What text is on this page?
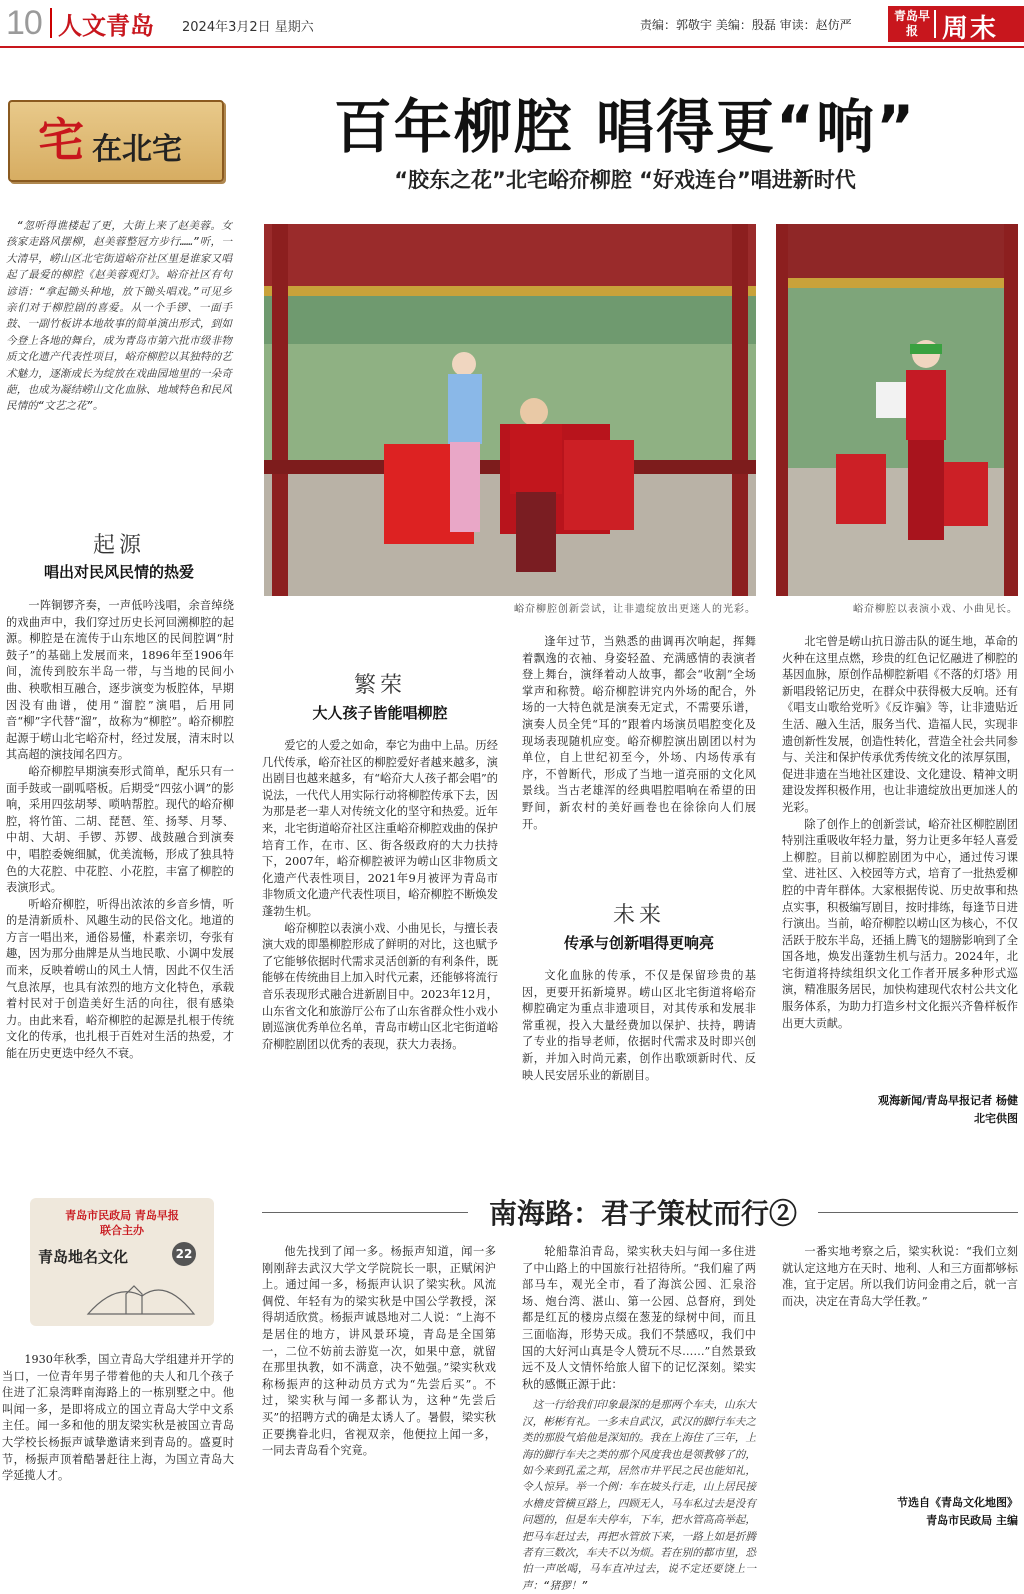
10 人文青岛 2024年3月2日 星期六	责编：郭敬宇 美编：殷磊 审读：赵仿严
青岛早报 周末
宅 在北宅	百年柳腔 唱得更“响”
“胶东之花”北宅峪夼柳腔 “好戏连台”唱进新时代

“忽听得谯楼起了更，大街上来了赵美蓉。女孩家走路风摆柳，赵美蓉整冠方步行……”听，一大清早，崂山区北宅街道峪夼社区里是谁家又唱起了最爱的柳腔《赵美蓉观灯》。峪夼社区有句谚语：“拿起锄头种地，放下锄头唱戏。”可见乡亲们对于柳腔剧的喜爱。从一个手锣、一面手鼓、一副竹板讲本地故事的简单演出形式，到如今登上各地的舞台，成为青岛市第六批市级非物质文化遗产代表性项目，峪夼柳腔以其独特的艺术魅力，逐渐成长为绽放在戏曲园地里的一朵奇葩，也成为凝结崂山文化血脉、地域特色和民风民情的“文艺之花”。

峪夼柳腔创新尝试，让非遗绽放出更迷人的光彩。	峪夼柳腔以表演小戏、小曲见长。
起源
唱出对民风民情的热爱

一阵铜锣齐奏，一声低吟浅唱，余音绰绕的戏曲声中，我们穿过历史长河回溯柳腔的起源。柳腔是在流传于山东地区的民间腔调“肘鼓子”的基础上发展而来，1896年至1906年间，流传到胶东半岛一带，与当地的民间小曲、秧歌相互融合，逐步演变为板腔体，早期因没有曲谱，使用“溜腔”演唱，后用同音“柳”字代替“溜”，故称为“柳腔”。峪夼柳腔起源于崂山北宅峪夼村，经过发展，清末时以其高超的演技闻名四方。

峪夼柳腔早期演奏形式简单，配乐只有一面手鼓或一副呱嗒板。后期受“四弦小调”的影响，采用四弦胡琴、唢呐帮腔。现代的峪夼柳腔，将竹笛、二胡、琵琶、笙、扬琴、月琴、中胡、大胡、手锣、苏锣、战鼓融合到演奏中，唱腔委婉细腻，优美流畅，形成了独具特色的大花腔、中花腔、小花腔，丰富了柳腔的表演形式。

听峪夼柳腔，听得出浓浓的乡音乡情，听的是清新质朴、风趣生动的民俗文化。地道的方言一唱出来，通俗易懂，朴素亲切，夸张有趣，因为那分曲牌是从当地民歌、小调中发展而来，反映着崂山的风土人情，因此不仅生活气息浓厚，也具有浓烈的地方文化特色，承载着村民对于创造美好生活的向往，很有感染力。由此来看，峪夼柳腔的起源是扎根于传统文化的传承，也扎根于百姓对生活的热爱，才能在历史更迭中经久不衰。

繁荣
大人孩子皆能唱柳腔

爱它的人爱之如命，奉它为曲中上品。历经几代传承，峪夼社区的柳腔爱好者越来越多，演出剧目也越来越多，有“峪夼大人孩子都会唱”的说法，一代代人用实际行动将柳腔传承下去，因为那是老一辈人对传统文化的坚守和热爱。近年来，北宅街道峪夼社区注重峪夼柳腔戏曲的保护培育工作，在市、区、街各级政府的大力扶持下，2007年，峪夼柳腔被评为崂山区非物质文化遗产代表性项目，2021年9月被评为青岛市非物质文化遗产代表性项目，峪夼柳腔不断焕发蓬勃生机。

峪夼柳腔以表演小戏、小曲见长，与擅长表演大戏的即墨柳腔形成了鲜明的对比，这也赋予了它能够依据时代需求灵活创新的有利条件，既能够在传统曲目上加入时代元素，还能够将流行音乐表现形式融合进新剧目中。2023年12月，山东省文化和旅游厅公布了山东省群众性小戏小剧巡演优秀单位名单，青岛市崂山区北宅街道峪夼柳腔剧团以优秀的表现，获大力表扬。

逢年过节，当熟悉的曲调再次响起，挥舞着飘逸的衣袖、身姿轻盈、充满感情的表演者登上舞台，演绎着动人故事，都会“收割”全场掌声和称赞。峪夼柳腔讲究内外场的配合，外场的一大特色就是演奏无定式，不需要乐谱，演奏人员全凭“耳的”跟着内场演员唱腔变化及现场表现随机应变。峪夼柳腔演出剧团以村为单位，自上世纪初至今，外场、内场传承有序，不曾断代，形成了当地一道亮丽的文化风景线。当古老雄浑的经典唱腔唱响在希望的田野间，新农村的美好画卷也在徐徐向人们展开。

未来
传承与创新唱得更响亮

文化血脉的传承，不仅是保留珍贵的基因，更要开拓新境界。崂山区北宅街道将峪夼柳腔确定为重点非遗项目，对其传承和发展非常重视，投入大量经费加以保护、扶持，聘请了专业的指导老师，依据时代需求及时即兴创新，并加入时尚元素，创作出歌颂新时代、反映人民安居乐业的新剧目。

北宅曾是崂山抗日游击队的诞生地，革命的火种在这里点燃，珍贵的红色记忆融进了柳腔的基因血脉，原创作品柳腔新唱《不落的灯塔》用新唱段铭记历史，在群众中获得极大反响。还有《唱支山歌给党听》《反诈骗》等，让非遗贴近生活、融入生活，服务当代、造福人民，实现非遗创新性发展，创造性转化，营造全社会共同参与、关注和保护传承优秀传统文化的浓厚氛围，促进非遗在当地社区建设、文化建设、精神文明建设发挥积极作用，也让非遗绽放出更加迷人的光彩。

除了创作上的创新尝试，峪夼社区柳腔剧团特别注重吸收年轻力量，努力让更多年轻人喜爱上柳腔。目前以柳腔剧团为中心，通过传习课堂、进社区、入校园等方式，培育了一批热爱柳腔的中青年群体。大家根据传说、历史故事和热点实事，积极编写剧目，按时排练，每逢节日进行演出。当前，峪夼柳腔以崂山区为核心，不仅活跃于胶东半岛，还插上腾飞的翅膀影响到了全国各地，焕发出蓬勃生机与活力。2024年，北宅街道将持续组织文化工作者开展多种形式巡演，精准服务居民，加快构建现代农村公共文化服务体系，为助力打造乡村文化振兴齐鲁样板作出更大贡献。

观海新闻/青岛早报记者 杨健
北宅供图
青岛市民政局 青岛早报
联合主办
青岛地名文化	22
南海路：君子策杖而行②

1930年秋季，国立青岛大学组建并开学的当口，一位青年男子带着他的夫人和几个孩子住进了汇泉湾畔南海路上的一栋别墅之中。他叫闻一多，是即将成立的国立青岛大学中文系主任。闻一多和他的朋友梁实秋是被国立青岛大学校长杨振声诚挚邀请来到青岛的。盛夏时节，杨振声顶着酷暑赶往上海，为国立青岛大学延揽人才。

他先找到了闻一多。杨振声知道，闻一多刚刚辞去武汉大学文学院院长一职，正赋闲沪上。通过闻一多，杨振声认识了梁实秋。风流倜傥、年轻有为的梁实秋是中国公学教授，深得胡适欣赏。杨振声诚恳地对二人说：“上海不是居住的地方，讲风景环境，青岛是全国第一，二位不妨前去游览一次，如果中意，就留在那里执教，如不满意，决不勉强。”梁实秋戏称杨振声的这种动员方式为“先尝后买”。不过，梁实秋与闻一多都认为，这种“先尝后买”的招聘方式的确是太诱人了。暑假，梁实秋正要携眷北归，省视双亲，他便拉上闻一多，一同去青岛看个究竟。

轮船靠泊青岛，梁实秋夫妇与闻一多住进了中山路上的中国旅行社招待所。“我们雇了两部马车，观光全市，看了海滨公园、汇泉浴场、炮台湾、湛山、第一公园、总督府，到处都是红瓦的楼房点缀在葱茏的绿树中间，而且三面临海，形势天成。我们不禁感叹，我们中国的大好河山真是令人赞玩不尽……”自然景致远不及人文情怀给旅人留下的记忆深刻。梁实秋的感慨正源于此：

这一行给我们印象最深的是那两个车夫，山东大汉，彬彬有礼。一多未自武汉，武汉的脚行车夫之类的那股气焰他是深知的。我在上海住了三年，上海的脚行车夫之类的那个风度我也是领教够了的，如今来到孔孟之邦，居然市井平民之民也能知礼，令人惊异。举一个例：车在坡头行走，山上居民接水檐皮管横亘路上，四顾无人，马车私过去是没有问题的，但是车夫停车，下车，把水管高高举起，把马车赶过去，再把水管放下来，一路上如是折腾者有三数次，车夫不以为烦。若在别的都市里，恐怕一声吆喝，马车直冲过去，说不定还要饶上一声：“猪猡！”

一番实地考察之后，梁实秋说：“我们立刻就认定这地方在天时、地利、人和三方面都够标准，宜于定居。所以我们访问金甫之后，就一言而决，决定在青岛大学任教。”

节选自《青岛文化地图》
青岛市民政局 主编
